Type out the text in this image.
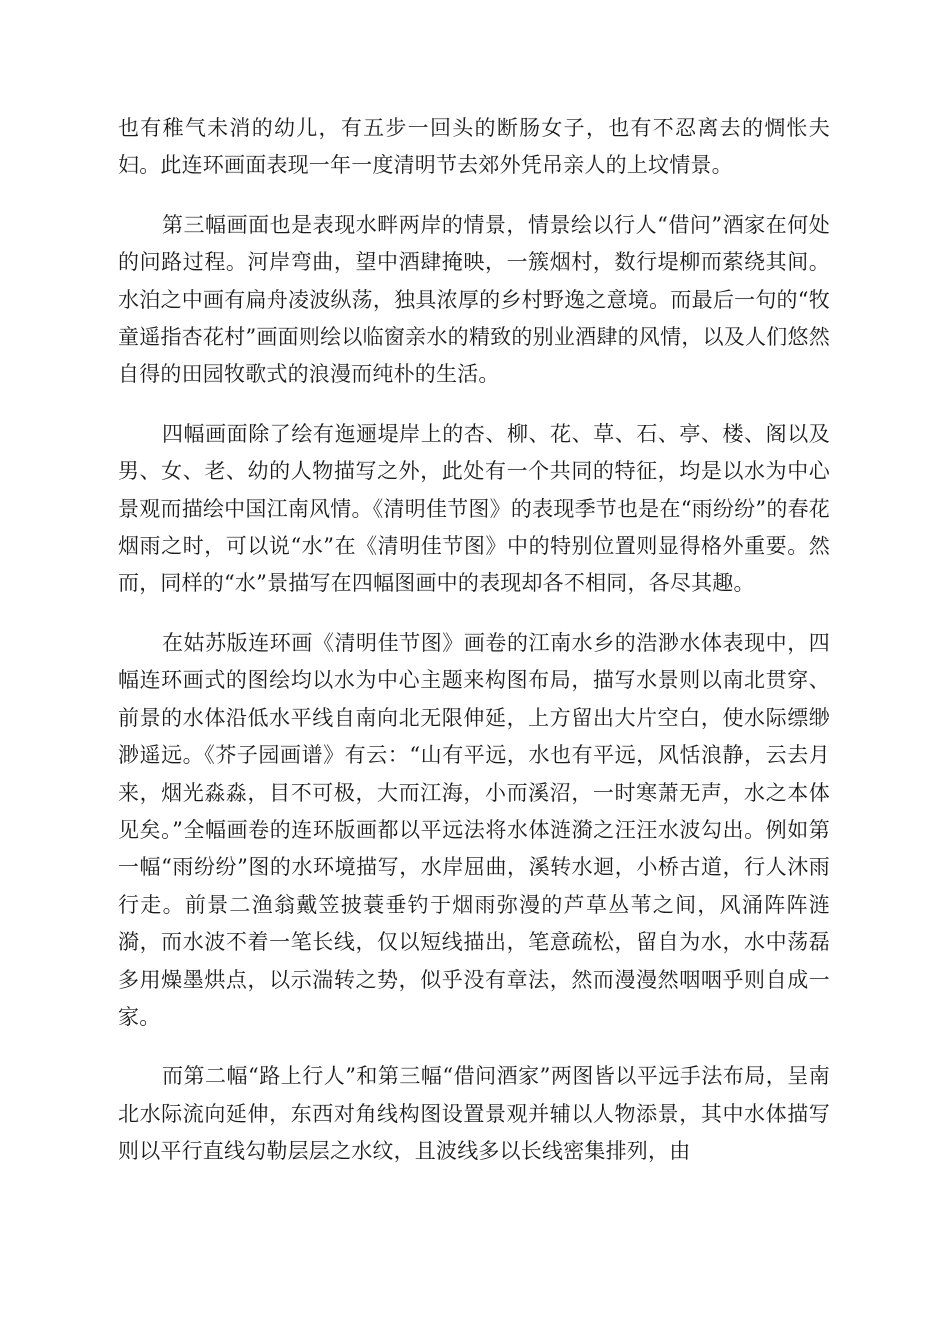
也有稚气未消的幼儿，有五步一回头的断肠女子，也有不忍离去的惆怅夫妇。此连环画面表现一年一度清明节去郊外凭吊亲人的上坟情景。

第三幅画面也是表现水畔两岸的情景，情景绘以行人“借问”酒家在何处的问路过程。河岸弯曲，望中酒肆掩映，一簇烟村，数行堤柳而萦绕其间。水泊之中画有扁舟凌波纵荡，独具浓厚的乡村野逸之意境。而最后一句的“牧童遥指杏花村”画面则绘以临窗亲水的精致的别业酒肆的风情，以及人们悠然自得的田园牧歌式的浪漫而纯朴的生活。

四幅画面除了绘有迤逦堤岸上的杏、柳、花、草、石、亭、楼、阁以及男、女、老、幼的人物描写之外，此处有一个共同的特征，均是以水为中心景观而描绘中国江南风情。《清明佳节图》的表现季节也是在“雨纷纷”的春花烟雨之时，可以说“水”在《清明佳节图》中的特别位置则显得格外重要。然而，同样的“水”景描写在四幅图画中的表现却各不相同，各尽其趣。

在姑苏版连环画《清明佳节图》画卷的江南水乡的浩渺水体表现中，四幅连环画式的图绘均以水为中心主题来构图布局，描写水景则以南北贯穿、前景的水体沿低水平线自南向北无限伸延，上方留出大片空白，使水际缥缈渺遥远。《芥子园画谱》有云：“山有平远，水也有平远，风恬浪静，云去月来，烟光淼淼，目不可极，大而江海，小而溪沼，一时寒萧无声，水之本体见矣。”全幅画卷的连环版画都以平远法将水体涟漪之汪汪水波勾出。例如第一幅“雨纷纷”图的水环境描写，水岸屈曲，溪转水迴，小桥古道，行人沐雨行走。前景二渔翁戴笠披蓑垂钓于烟雨弥漫的芦草丛苇之间，风涌阵阵涟漪，而水波不着一笔长线，仅以短线描出，笔意疏松，留自为水，水中荡磊多用燥墨烘点，以示湍转之势，似乎没有章法，然而漫漫然咽咽乎则自成一家。

而第二幅“路上行人”和第三幅“借问酒家”两图皆以平远手法布局，呈南北水际流向延伸，东西对角线构图设置景观并辅以人物添景，其中水体描写则以平行直线勾勒层层之水纹，且波线多以长线密集排列，由
